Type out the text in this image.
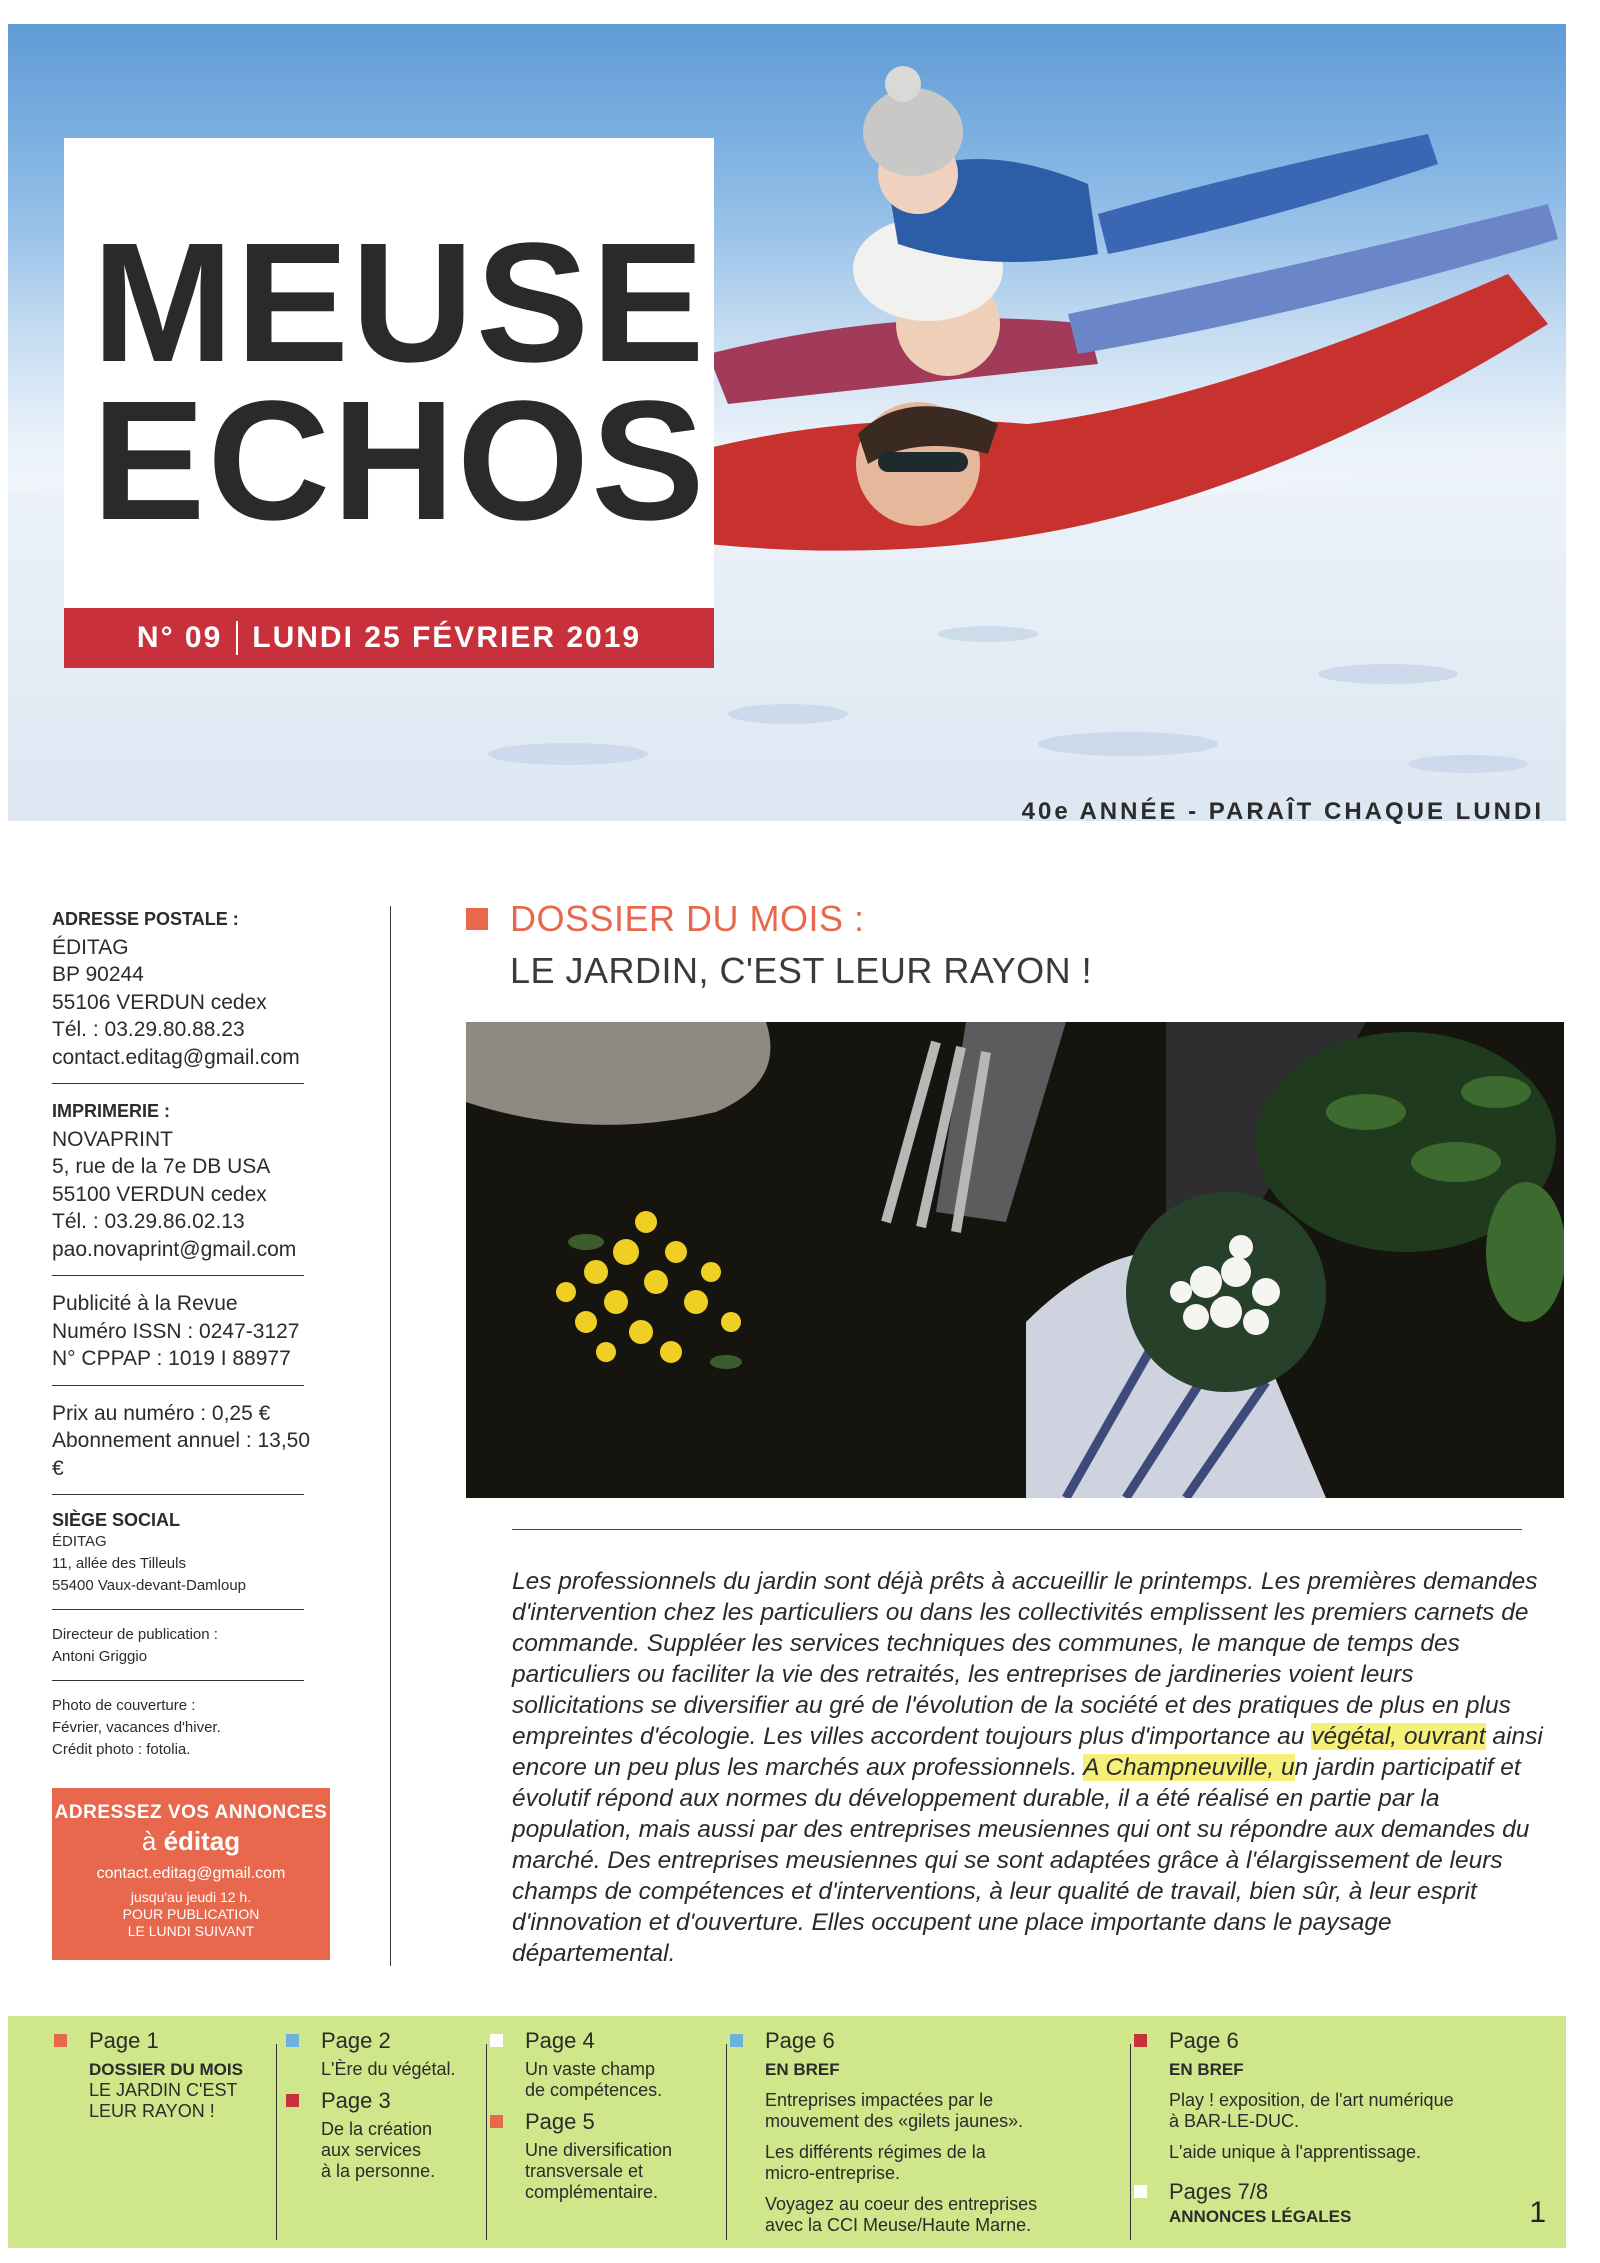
MEUSE
ECHOS
N° 09 LUNDI 25 FÉVRIER 2019
40e ANNÉE - PARAÎT CHAQUE LUNDI
ADRESSE POSTALE :
ÉDITAG
BP 90244
55106 VERDUN cedex
Tél. : 03.29.80.88.23
contact.editag@gmail.com
IMPRIMERIE :
NOVAPRINT
5, rue de la 7e DB USA
55100 VERDUN cedex
Tél. : 03.29.86.02.13
pao.novaprint@gmail.com
Publicité à la Revue
Numéro ISSN : 0247-3127
N° CPPAP : 1019 I 88977
Prix au numéro : 0,25 €
Abonnement annuel : 13,50 €
SIÈGE SOCIAL
ÉDITAG
11, allée des Tilleuls
55400 Vaux-devant-Damloup
Directeur de publication :
Antoni Griggio
Photo de couverture :
Février, vacances d'hiver.
Crédit photo : fotolia.
ADRESSEZ VOS ANNONCES
à éditag
contact.editag@gmail.com
jusqu'au jeudi 12 h.
POUR PUBLICATION
LE LUNDI SUIVANT
DOSSIER DU MOIS :
LE JARDIN, C'EST LEUR RAYON !

Les professionnels du jardin sont déjà prêts à accueillir le printemps. Les premières demandes d'intervention chez les particuliers ou dans les collectivités emplissent les premiers carnets de commande. Suppléer les services techniques des communes, le manque de temps des particuliers ou faciliter la vie des retraités, les entreprises de jardineries voient leurs sollicitations se diversifier au gré de l'évolution de la société et des pratiques de plus en plus empreintes d'écologie. Les villes accordent toujours plus d'importance au végétal, ouvrant ainsi encore un peu plus les marchés aux professionnels. A Champneuville, un jardin participatif et évolutif répond aux normes du développement durable, il a été réalisé en partie par la population, mais aussi par des entreprises meusiennes qui ont su répondre aux demandes du marché. Des entreprises meusiennes qui se sont adaptées grâce à l'élargissement de leurs champs de compétences et d'interventions, à leur qualité de travail, bien sûr, à leur esprit d'innovation et d'ouverture. Elles occupent une place importante dans le paysage départemental.

Page 1
DOSSIER DU MOIS
LE JARDIN C'EST
LEUR RAYON !
Page 2
L'Ère du végétal.
Page 3
De la création
aux services
à la personne.
Page 4
Un vaste champ
de compétences.
Page 5
Une diversification
transversale et
complémentaire.
Page 6
EN BREF
Entreprises impactées par le
mouvement des «gilets jaunes».
Les différents régimes de la
micro-entreprise.
Voyagez au coeur des entreprises
avec la CCI Meuse/Haute Marne.
Page 6
EN BREF
Play ! exposition, de l'art numérique
à BAR-LE-DUC.
L'aide unique à l'apprentissage.
Pages 7/8
ANNONCES LÉGALES	1
